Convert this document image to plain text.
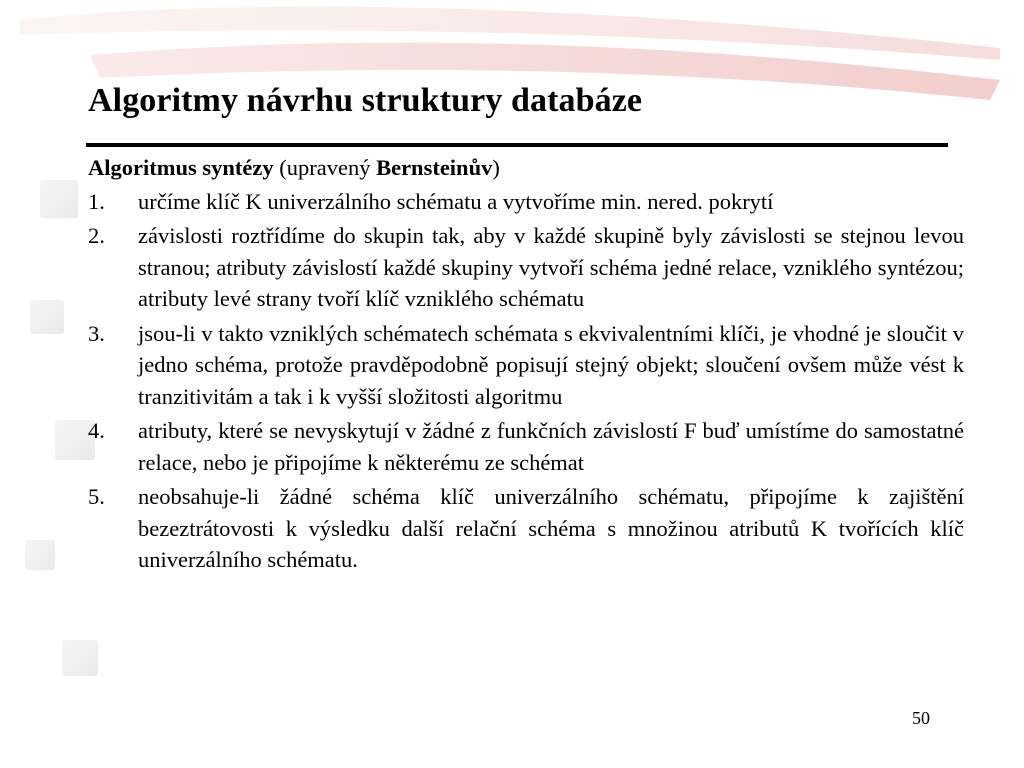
Algoritmy návrhu struktury databáze
Algoritmus syntézy (upravený Bernsteinův)
1. určíme klíč K univerzálního schématu a vytvoříme min. nered. pokrytí
2. závislosti roztřídíme do skupin tak, aby v každé skupině byly závislosti se stejnou levou stranou; atributy závislostí každé skupiny vytvoří schéma jedné relace, vzniklého syntézou; atributy levé strany tvoří klíč vzniklého schématu
3. jsou-li v takto vzniklých schématech schémata s ekvivalentními klíči, je vhodné je sloučit v jedno schéma, protože pravděpodobně popisují stejný objekt; sloučení ovšem může vést k tranzitivitám a tak i k vyšší složitosti algoritmu
4. atributy, které se nevyskytují v žádné z funkčních závislostí F buď umístíme do samostatné relace, nebo je připojíme k některému ze schémat
5. neobsahuje-li žádné schéma klíč univerzálního schématu, připojíme k zajištění bezeztrátovosti k výsledku další relační schéma s množinou atributů K tvořících klíč univerzálního schématu.
50
